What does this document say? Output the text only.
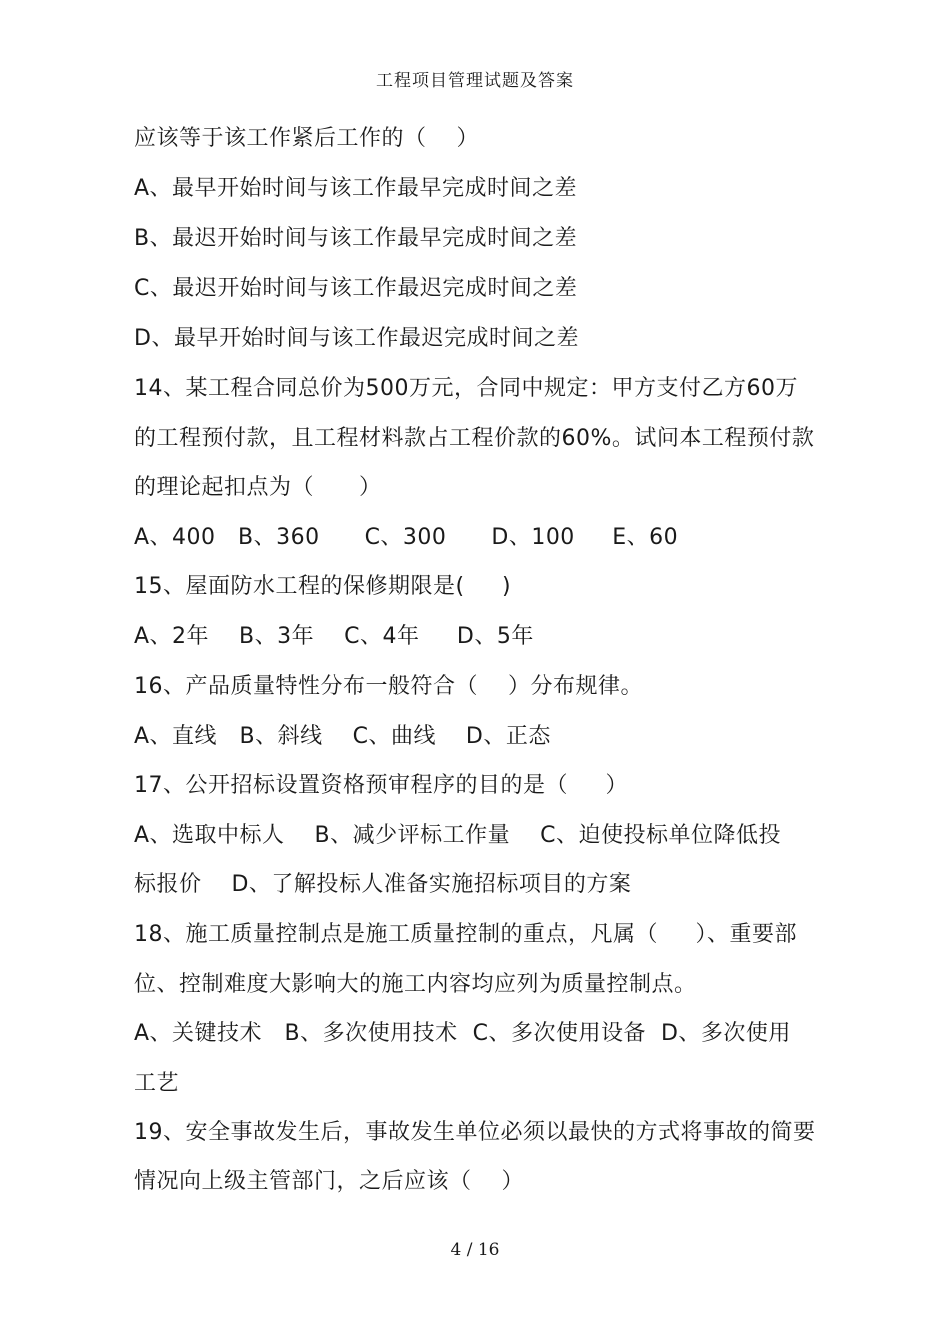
工程项目管理试题及答案
应该等于该工作紧后工作的（    ）
A、最早开始时间与该工作最早完成时间之差
B、最迟开始时间与该工作最早完成时间之差
C、最迟开始时间与该工作最迟完成时间之差
D、最早开始时间与该工作最迟完成时间之差
14、某工程合同总价为500万元，合同中规定：甲方支付乙方60万
的工程预付款，且工程材料款占工程价款的60%。试问本工程预付款
的理论起扣点为（      ）
A、400   B、360      C、300      D、100     E、60
15、屋面防水工程的保修期限是(     )
A、2年    B、3年    C、4年     D、5年
16、产品质量特性分布一般符合（    ）分布规律。
A、直线   B、斜线    C、曲线    D、正态
17、公开招标设置资格预审程序的目的是（     ）
A、选取中标人    B、减少评标工作量    C、迫使投标单位降低投
标报价    D、了解投标人准备实施招标项目的方案
18、施工质量控制点是施工质量控制的重点，凡属（     ）、重要部
位、控制难度大影响大的施工内容均应列为质量控制点。
A、关键技术   B、多次使用技术  C、多次使用设备  D、多次使用
工艺
19、安全事故发生后，事故发生单位必须以最快的方式将事故的简要
情况向上级主管部门，之后应该（    ）
4 / 16
